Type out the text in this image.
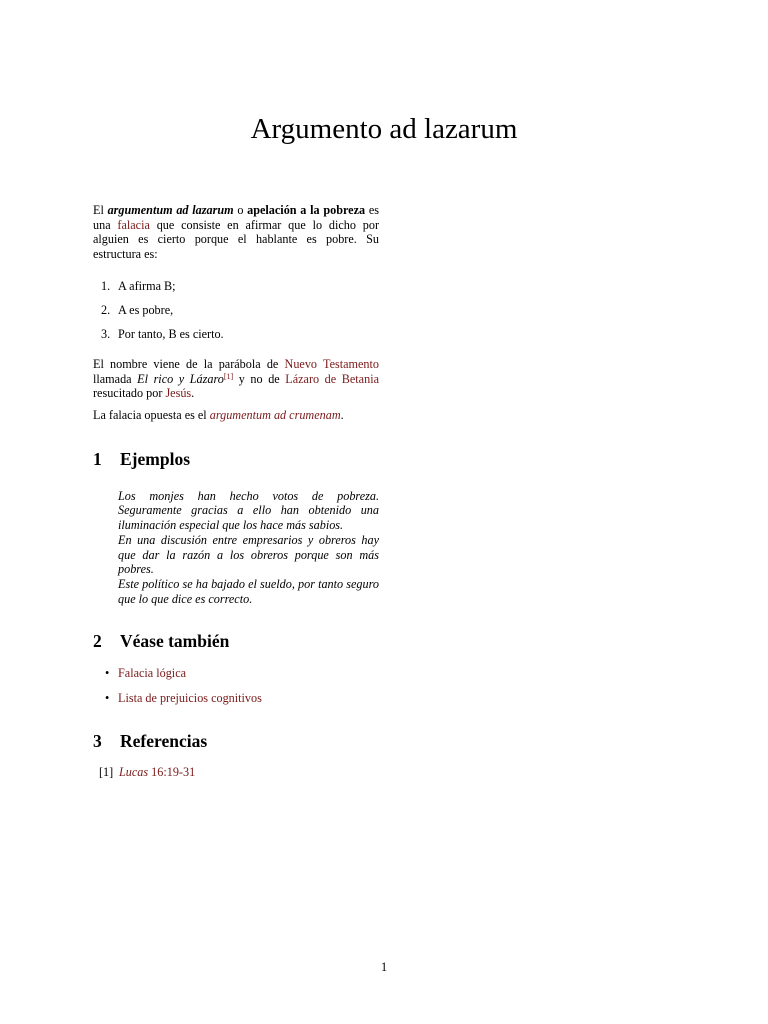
Argumento ad lazarum

El argumentum ad lazarum o apelación a la pobreza es una falacia que consiste en afirmar que lo dicho por alguien es cierto porque el hablante es pobre. Su estructura es:

1. A afirma B;
2. A es pobre,
3. Por tanto, B es cierto.

El nombre viene de la parábola de Nuevo Testamento llamada El rico y Lázaro[1] y no de Lázaro de Betania resucitado por Jesús.

La falacia opuesta es el argumentum ad crumenam.

1 Ejemplos

Los monjes han hecho votos de pobreza. Seguramente gracias a ello han obtenido una iluminación especial que los hace más sabios.

En una discusión entre empresarios y obreros hay que dar la razón a los obreros porque son más pobres.

Este político se ha bajado el sueldo, por tanto seguro que lo que dice es correcto.

2 Véase también
• Falacia lógica
• Lista de prejuicios cognitivos
3 Referencias
[1] Lucas 16:19-31
1
